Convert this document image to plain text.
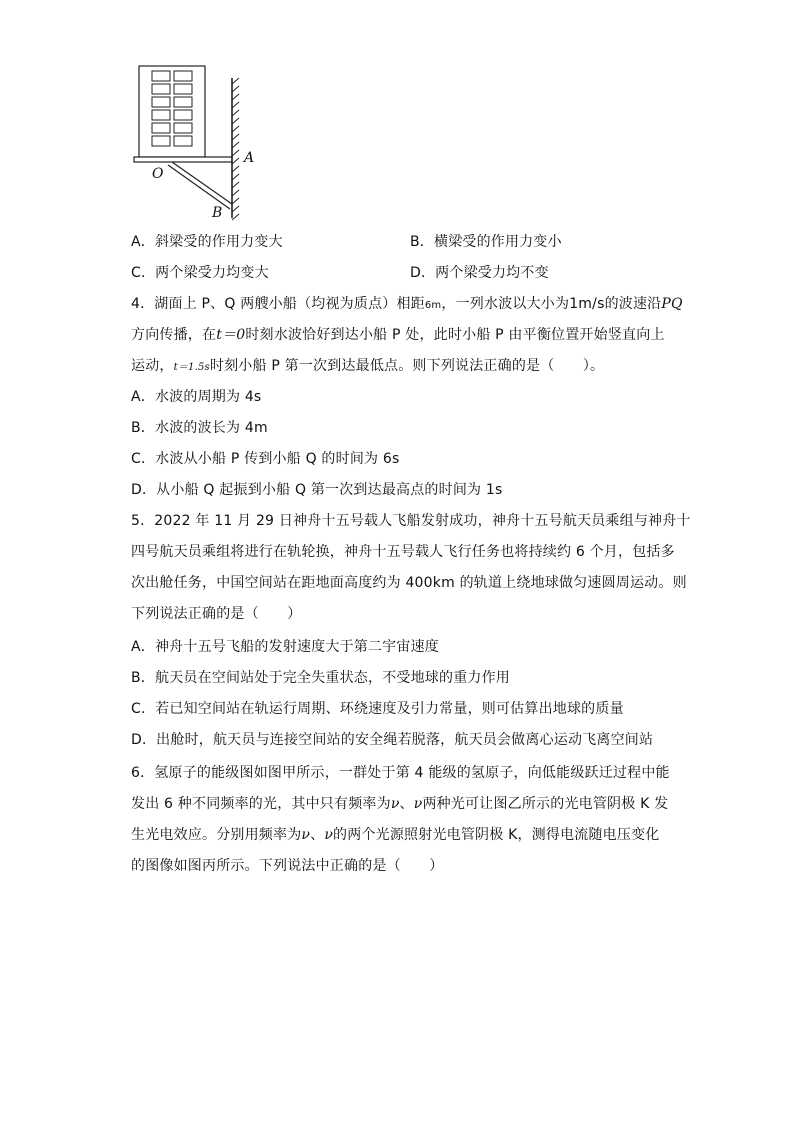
A
O
B
A．斜梁受的作用力变大	B．横梁受的作用力变小
C．两个梁受力均变大	D．两个梁受力均不变
4．湖面上 P、Q 两艘小船（均视为质点）相距6m，一列水波以大小为1m/s的波速沿PQ
方向传播，在t＝0时刻水波恰好到达小船 P 处，此时小船 P 由平衡位置开始竖直向上
运动，t＝1.5s时刻小船 P 第一次到达最低点。则下列说法正确的是（　　）。
A．水波的周期为 4s
B．水波的波长为 4m
C．水波从小船 P 传到小船 Q 的时间为 6s
D．从小船 Q 起振到小船 Q 第一次到达最高点的时间为 1s
5．2022 年 11 月 29 日神舟十五号载人飞船发射成功，神舟十五号航天员乘组与神舟十
四号航天员乘组将进行在轨轮换，神舟十五号载人飞行任务也将持续约 6 个月，包括多
次出舱任务，中国空间站在距地面高度约为 400km 的轨道上绕地球做匀速圆周运动。则
下列说法正确的是（　　）
A．神舟十五号飞船的发射速度大于第二宇宙速度
B．航天员在空间站处于完全失重状态，不受地球的重力作用
C．若已知空间站在轨运行周期、环绕速度及引力常量，则可估算出地球的质量
D．出舱时，航天员与连接空间站的安全绳若脱落，航天员会做离心运动飞离空间站
6．氢原子的能级图如图甲所示，一群处于第 4 能级的氢原子，向低能级跃迁过程中能
发出 6 种不同频率的光，其中只有频率为ν、ν两种光可让图乙所示的光电管阴极 K 发
生光电效应。分别用频率为ν、ν的两个光源照射光电管阴极 K，测得电流随电压变化
的图像如图丙所示。下列说法中正确的是（　　）
